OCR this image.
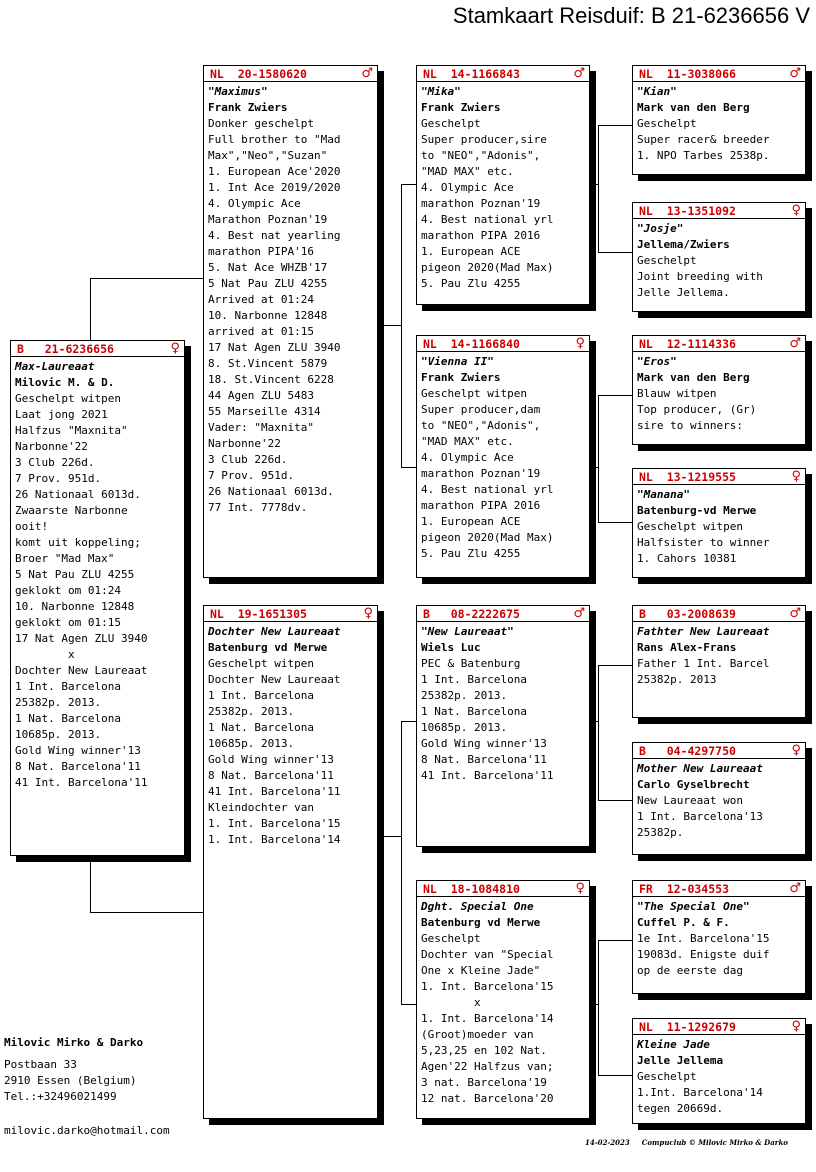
Stamkaart Reisduif: B 21-6236656 V
B   21-6236656	♀
Max-Laureaat
Milovic M. & D.
Geschelpt witpen
Laat jong 2021
Halfzus "Maxnita"
Narbonne'22
3 Club 226d.
7 Prov. 951d.
26 Nationaal 6013d.
Zwaarste Narbonne
ooit!
komt uit koppeling;
Broer "Mad Max"
5 Nat Pau ZLU 4255
geklokt om 01:24
10. Narbonne 12848
geklokt om 01:15
17 Nat Agen ZLU 3940
x
Dochter New Laureaat
1 Int. Barcelona
25382p. 2013.
1 Nat. Barcelona
10685p. 2013.
Gold Wing winner'13
8 Nat. Barcelona'11
41 Int. Barcelona'11
NL  20-1580620	♂
"Maximus"
Frank Zwiers
Donker geschelpt
Full brother to "Mad
Max","Neo","Suzan"
1. European Ace'2020
1. Int Ace 2019/2020
4. Olympic Ace
Marathon Poznan'19
4. Best nat yearling
marathon PIPA'16
5. Nat Ace WHZB'17
5 Nat Pau ZLU 4255
Arrived at 01:24
10. Narbonne 12848
arrived at 01:15
17 Nat Agen ZLU 3940
8. St.Vincent 5879
18. St.Vincent 6228
44 Agen ZLU 5483
55 Marseille 4314
Vader: "Maxnita"
Narbonne'22
3 Club 226d.
7 Prov. 951d.
26 Nationaal 6013d.
77 Int. 7778dv.
NL  19-1651305	♀
Dochter New Laureaat
Batenburg vd Merwe
Geschelpt witpen
Dochter New Laureaat
1 Int. Barcelona
25382p. 2013.
1 Nat. Barcelona
10685p. 2013.
Gold Wing winner'13
8 Nat. Barcelona'11
41 Int. Barcelona'11
Kleindochter van
1. Int. Barcelona'15
1. Int. Barcelona'14
NL  14-1166843	♂
"Mika"
Frank Zwiers
Geschelpt
Super producer,sire
to "NEO","Adonis",
"MAD MAX" etc.
4. Olympic Ace
marathon Poznan'19
4. Best national yrl
marathon PIPA 2016
1. European ACE
pigeon 2020(Mad Max)
5. Pau Zlu 4255
NL  14-1166840	♀
"Vienna II"
Frank Zwiers
Geschelpt witpen
Super producer,dam
to "NEO","Adonis",
"MAD MAX" etc.
4. Olympic Ace
marathon Poznan'19
4. Best national yrl
marathon PIPA 2016
1. European ACE
pigeon 2020(Mad Max)
5. Pau Zlu 4255
B   08-2222675	♂
"New Laureaat"
Wiels Luc
PEC & Batenburg
1 Int. Barcelona
25382p. 2013.
1 Nat. Barcelona
10685p. 2013.
Gold Wing winner'13
8 Nat. Barcelona'11
41 Int. Barcelona'11
NL  18-1084810	♀
Dght. Special One
Batenburg vd Merwe
Geschelpt
Dochter van "Special
One x Kleine Jade"
1. Int. Barcelona'15
x
1. Int. Barcelona'14
(Groot)moeder van
5,23,25 en 102 Nat.
Agen'22 Halfzus van;
3 nat. Barcelona'19
12 nat. Barcelona'20
NL  11-3038066	♂
"Kian"
Mark van den Berg
Geschelpt
Super racer& breeder
1. NPO Tarbes 2538p.
NL  13-1351092	♀
"Josje"
Jellema/Zwiers
Geschelpt
Joint breeding with
Jelle Jellema.
NL  12-1114336	♂
"Eros"
Mark van den Berg
Blauw witpen
Top producer, (Gr)
sire to winners:
NL  13-1219555	♀
"Manana"
Batenburg-vd Merwe
Geschelpt witpen
Halfsister to winner
1. Cahors 10381
B   03-2008639	♂
Fathter New Laureaat
Rans Alex-Frans
Father 1 Int. Barcel
25382p. 2013
B   04-4297750	♀
Mother New Laureaat
Carlo Gyselbrecht
New Laureaat won
1 Int. Barcelona'13
25382p.
FR  12-034553	♂
"The Special One"
Cuffel P. & F.
1e Int. Barcelona'15
19083d. Enigste duif
op de eerste dag
NL  11-1292679	♀
Kleine Jade
Jelle Jellema
Geschelpt
1.Int. Barcelona'14
tegen 20669d.
Milovic Mirko & Darko
Postbaan 33
2910 Essen (Belgium)
Tel.:+32496021499
milovic.darko@hotmail.com
14-02-2023 Compuclub © Milovic Mirko & Darko
